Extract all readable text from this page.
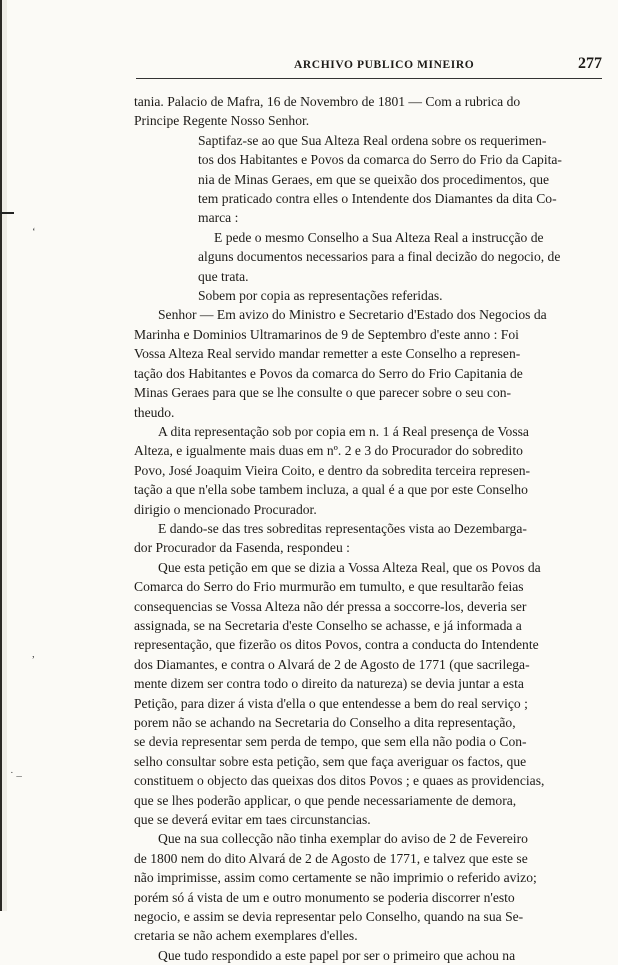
‘
,
˙ –
ARCHIVO PUBLICO MINEIRO	277
tania. Palacio de Mafra, 16 de Novembro de 1801 — Com a rubrica do
Principe Regente Nosso Senhor.
Saptifaz-se ao que Sua Alteza Real ordena sobre os requerimen-
tos dos Habitantes e Povos da comarca do Serro do Frio da Capita-
nia de Minas Geraes, em que se queixão dos procedimentos, que
tem praticado contra elles o Intendente dos Diamantes da dita Co-
marca :
E pede o mesmo Conselho a Sua Alteza Real a instrucção de
alguns documentos necessarios para a final decizão do negocio, de
que trata.
Sobem por copia as representações referidas.
Senhor — Em avizo do Ministro e Secretario d'Estado dos Negocios da
Marinha e Dominios Ultramarinos de 9 de Septembro d'este anno : Foi
Vossa Alteza Real servido mandar remetter a este Conselho a represen-
tação dos Habitantes e Povos da comarca do Serro do Frio Capitania de
Minas Geraes para que se lhe consulte o que parecer sobre o seu con-
theudo.
A dita representação sob por copia em n. 1 á Real presença de Vossa
Alteza, e igualmente mais duas em nº. 2 e 3 do Procurador do sobredito
Povo, José Joaquim Vieira Coito, e dentro da sobredita terceira represen-
tação a que n'ella sobe tambem incluza, a qual é a que por este Conselho
dirigio o mencionado Procurador.
E dando-se das tres sobreditas representações vista ao Dezembarga-
dor Procurador da Fasenda, respondeu :
Que esta petição em que se dizia a Vossa Alteza Real, que os Povos da
Comarca do Serro do Frio murmurão em tumulto, e que resultarão feias
consequencias se Vossa Alteza não dér pressa a soccorre-los, deveria ser
assignada, se na Secretaria d'este Conselho se achasse, e já informada a
representação, que fizerão os ditos Povos, contra a conducta do Intendente
dos Diamantes, e contra o Alvará de 2 de Agosto de 1771 (que sacrilega-
mente dizem ser contra todo o direito da natureza) se devia juntar a esta
Petição, para dizer á vista d'ella o que entendesse a bem do real serviço ;
porem não se achando na Secretaria do Conselho a dita representação,
se devia representar sem perda de tempo, que sem ella não podia o Con-
selho consultar sobre esta petição, sem que faça averiguar os factos, que
constituem o objecto das queixas dos ditos Povos ; e quaes as providencias,
que se lhes poderão applicar, o que pende necessariamente de demora,
que se deverá evitar em taes circunstancias.
Que na sua collecção não tinha exemplar do aviso de 2 de Fevereiro
de 1800 nem do dito Alvará de 2 de Agosto de 1771, e talvez que este se
não imprimisse, assim como certamente se não imprimio o referido avizo;
porém só á vista de um e outro monumento se poderia discorrer n'esto
negocio, e assim se devia representar pelo Conselho, quando na sua Se-
cretaria se não achem exemplares d'elles.
Que tudo respondido a este papel por ser o primeiro que achou na
